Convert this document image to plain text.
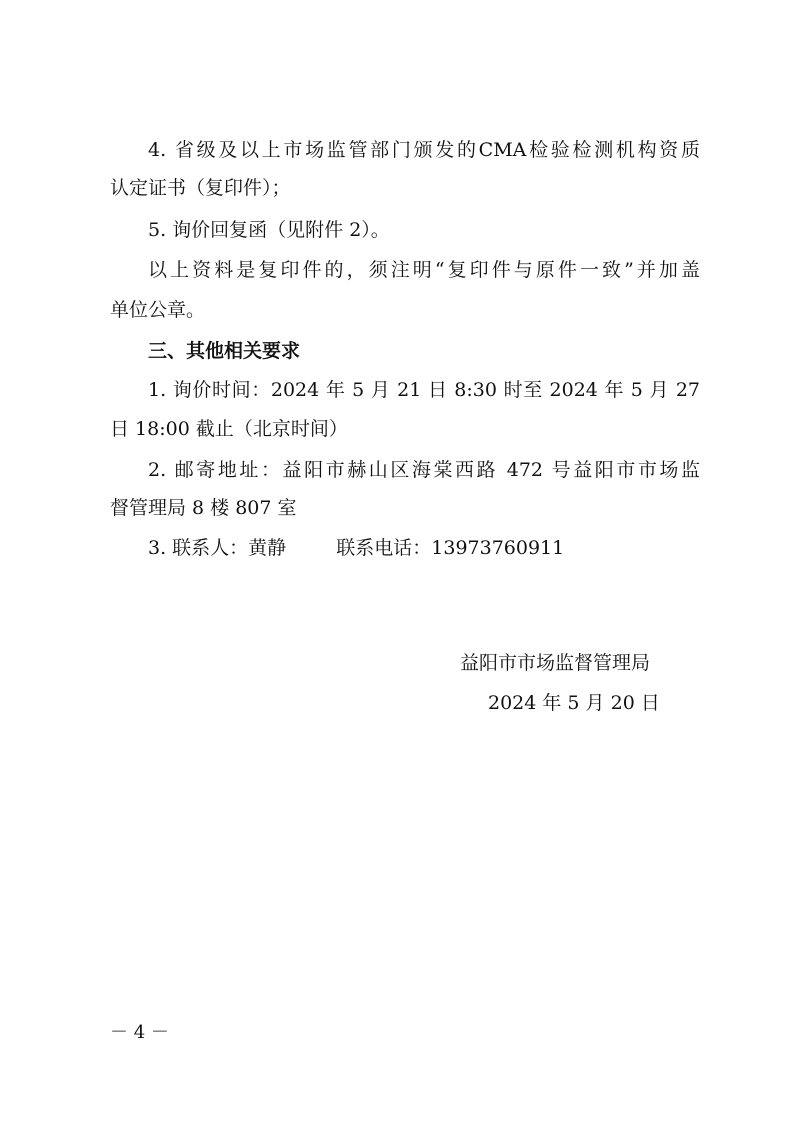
4. 省级及以上市场监管部门颁发的CMA检验检测机构资质
认定证书（复印件）；
5. 询价回复函（见附件 2）。
以上资料是复印件的，须注明“复印件与原件一致”并加盖
单位公章。
三、其他相关要求
1. 询价时间：2024 年 5 月 21 日 8:30 时至 2024 年 5 月 27
日 18:00 截止（北京时间）
2. 邮寄地址：益阳市赫山区海棠西路 472 号益阳市市场监
督管理局 8 楼 807 室
3. 联系人：黄静	联系电话：13973760911
益阳市市场监督管理局
2024 年 5 月 20 日
－ 4 －
